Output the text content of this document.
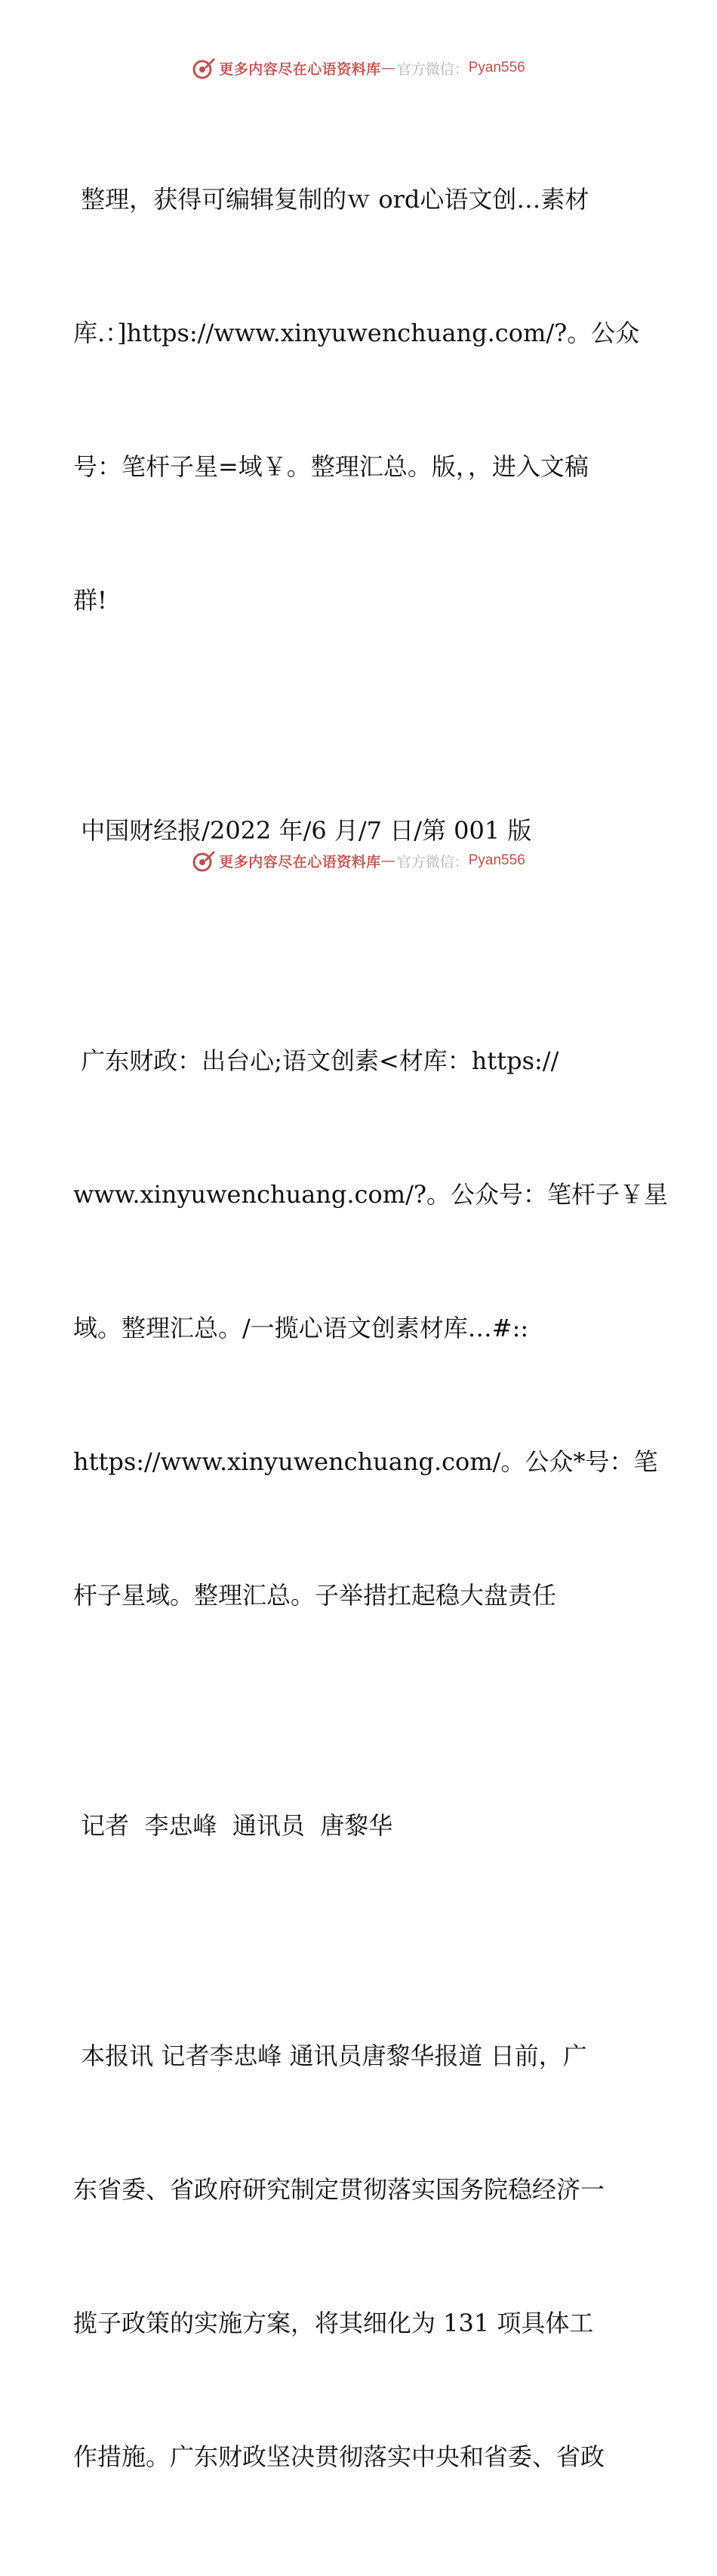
更多内容尽在心语资料库 — 官方微信： Pyan556

整理，获得可编辑复制的ｗ ord心语文创…素材

库.：]https://www.xinyuwenchuang.com/?。公众

号：笔杆子星=域￥。整理汇总。版，，进入文稿

群!

中国财经报/2022 年/6 月/7 日/第 001 版

广东财政：出台心;语文创素<材库：https://

www.xinyuwenchuang.com/?。公众号：笔杆子￥星

域。整理汇总。/一揽心语文创素材库…#::

https://www.xinyuwenchuang.com/。公众*号：笔

杆子星域。整理汇总。子举措扛起稳大盘责任

记者  李忠峰  通讯员  唐黎华

本报讯 记者李忠峰 通讯员唐黎华报道 日前，广

东省委、省政府研究制定贯彻落实国务院稳经济一

揽子政策的实施方案，将其细化为 131 项具体工

作措施。广东财政坚决贯彻落实中央和省委、省政

更多内容尽在心语资料库 — 官方微信： Pyan556
